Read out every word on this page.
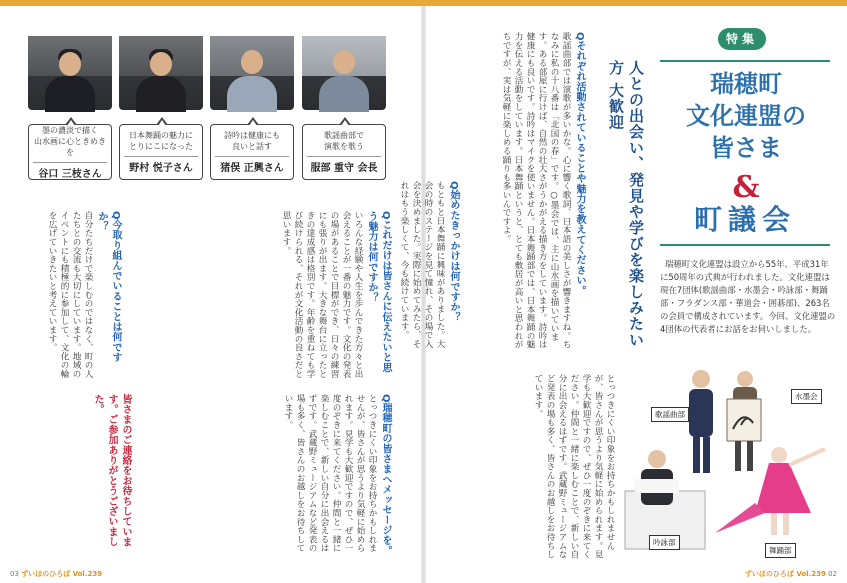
墨の濃淡で描く
山水画に心ときめきを
谷口 三枝さん
日本舞踊の魅力に
とりにこになった
野村 悦子さん
詩吟は健康にも
良いと話す
猪俣 正興さん
歌謡曲部で
演歌を歌う
服部 重守 会長
Qこれだけは皆さんに伝えたいと思う魅力は何ですか？
いろんな経験や人生を歩んできた方々と出会えることが一番の魅力です。文化の発表の場があることで目標ができ、日々の練習にも張りが出ます。大きな舞台に立ったときの達成感は格別です。年齢を重ねても学び続けられる、それが文化活動の良さだと思います。
Q今取り組んでいることは何ですか？
自分たちだけで楽しむのではなく、町の人たちとの交流も大切にしています。地域のイベントにも積極的に参加して、文化の輪を広げていきたいと考えています。
Q瑞穂町の皆さまへメッセージを。
とっつきにくい印象をお持ちかもしれませんが、皆さんが思うより気軽に始められます。見学も大歓迎ですので、ぜひ一度のぞきに来てください。仲間と一緒に楽しむことで、新しい自分に出会えるはずです。武蔵野ミュージアムなど発表の場も多く、皆さんのお越しをお待ちしています。
皆さまのご連絡をお待ちしています。ご参加ありがとうございました。
03 ずいほのひろば Vol.239
Qそれぞれ活動されていることや魅力を教えてください。
歌謡曲部では演歌が多いかな。心に響く歌詞、日本語の美しさが響きますね。ちなみに私の十八番は「北国の春」です。○墨会では、主に山水画を描いています。ある部屋に行けば、自然の壮大さがうかがえる描き方をしています。詩吟は健康にも良いです。詩吟はマイクを使いません。日本舞踊部では、日本舞踊の魅力を伝える活動をしています。日本舞踊というと、とても敷居が高いと思われがちですが、実は気軽に楽しめる踊りも多いんですよ。
Q始めたきっかけは何ですか？
もともと日本舞踊に興味がありました。大会の時のステージを見て憧れ、その場で入会を決めました。実際に始めてみたら、それはもう楽しくて、今も続けています。
とっつきにくい印象をお持ちかもしれませんが、皆さんが思うより気軽に始められます。見学も大歓迎ですので、ぜひ一度のぞきに来てください。仲間と一緒に楽しむことで、新しい自分に出会えるはずです。武蔵野ミュージアムなど発表の場も多く、皆さんのお越しをお待ちしています。
ずいほのひろば Vol.239 02
人との出会い、発見や学びを楽しみたい方 大歓迎
特集
瑞穂町
文化連盟の
皆さま
&
町議会
瑞穂町文化連盟は設立から55年、平成31年に50周年の式典が行われました。文化連盟は現在7団体(歌謡曲部・水墨会・吟詠部・舞踊部・フラダンス部・華道会・囲碁部)、263名の会員で構成されています。今回、文化連盟の4団体の代表者にお話をお伺いしました。
歌謡曲部
水墨会
吟詠部
舞踊部
